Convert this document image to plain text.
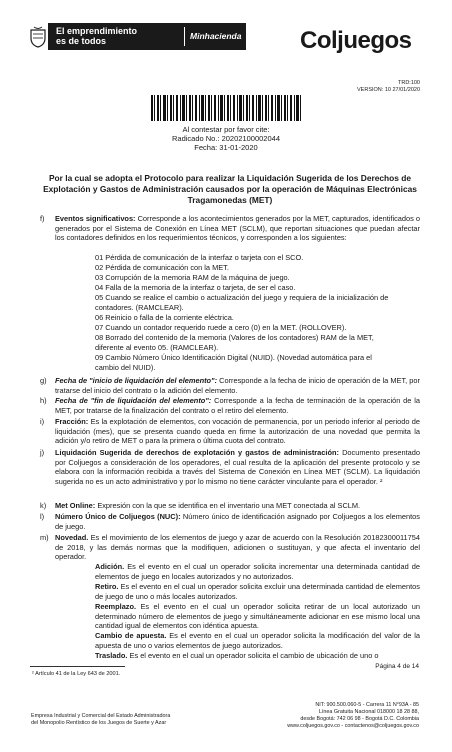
El emprendimiento
es de todos	Minhacienda Coljuegos
TRD:100
VERSION: 10 27/01/2020
Al contestar por favor cite:
Radicado No.: 20202100002044
Fecha: 31-01-2020
Por la cual se adopta el Protocolo para realizar la Liquidación Sugerida de los Derechos de Explotación y Gastos de Administración causados por la operación de Máquinas Electrónicas Tragamonedas (MET)
f) Eventos significativos: Corresponde a los acontecimientos generados por la MET, capturados, identificados o generados por el Sistema de Conexión en Línea MET (SCLM), que reportan situaciones que puedan afectar los contadores definidos en los requerimientos técnicos, y corresponden a los siguientes:
01 Pérdida de comunicación de la interfaz o tarjeta con el SCO.
02 Pérdida de comunicación con la MET.
03 Corrupción de la memoria RAM de la máquina de juego.
04 Falla de la memoria de la interfaz o tarjeta, de ser el caso.
05 Cuando se realice el cambio o actualización del juego y requiera de la inicialización de
contadores. (RAMCLEAR).
06 Reinicio o falla de la corriente eléctrica.
07 Cuando un contador requerido ruede a cero (0) en la MET. (ROLLOVER).
08 Borrado del contenido de la memoria (Valores de los contadores) RAM de la MET,
diferente al evento 05. (RAMCLEAR).
09 Cambio Número Único Identificación Digital (NUID). (Novedad automática para el
cambio del NUID).
g) Fecha de "inicio de liquidación del elemento": Corresponde a la fecha de inicio de operación de la MET, por tratarse del inicio del contrato o la adición del elemento.
h) Fecha de "fin de liquidación del elemento": Corresponde a la fecha de terminación de la operación de la MET, por tratarse de la finalización del contrato o el retiro del elemento.
i) Fracción: Es la explotación de elementos, con vocación de permanencia, por un periodo inferior al periodo de liquidación (mes), que se presenta cuando queda en firme la autorización de una novedad que permita la adición y/o retiro de MET o para la primera o última cuota del contrato.
j) Liquidación Sugerida de derechos de explotación y gastos de administración: Documento presentado por Coljuegos a consideración de los operadores, el cual resulta de la aplicación del presente protocolo y se elabora con la información recibida a través del Sistema de Conexión en Línea MET (SCLM). La liquidación sugerida no es un acto administrativo y por lo mismo no tiene carácter vinculante para el operador. ²
k) Met Online: Expresión con la que se identifica en el inventario una MET conectada al SCLM.
l) Número Único de Coljuegos (NUC): Número único de identificación asignado por Coljuegos a los elementos de juego.
m) Novedad. Es el movimiento de los elementos de juego y azar de acuerdo con la Resolución 20182300011754 de 2018, y las demás normas que la modifiquen, adicionen o sustituyan, y que afecta el inventario del operador.
Adición. Es el evento en el cual un operador solicita incrementar una determinada cantidad de elementos de juego en locales autorizados y no autorizados.
Retiro. Es el evento en el cual un operador solicita excluir una determinada cantidad de elementos de juego de uno o más locales autorizados.
Reemplazo. Es el evento en el cual un operador solicita retirar de un local autorizado un determinado número de elementos de juego y simultáneamente adicionar en ese mismo local una cantidad igual de elementos con idéntica apuesta.
Cambio de apuesta. Es el evento en el cual un operador solicita la modificación del valor de la apuesta de uno o varios elementos de juego autorizados.
Traslado. Es el evento en el cual un operador solicita el cambio de ubicación de uno o
Página 4 de 14
² Artículo 41 de la Ley 643 de 2001.
Empresa Industrial y Comercial del Estado Administradora
del Monopolio Rentístico de los Juegos de Suerte y Azar
NIT: 900.500.060-5 - Carrera 11 N°93A - 85
Línea Gratuita Nacional 018000 18 28 88,
desde Bogotá: 742 06 98 - Bogotá D.C. Colombia
www.coljuegos.gov.co - contactenos@coljuegos.gov.co
